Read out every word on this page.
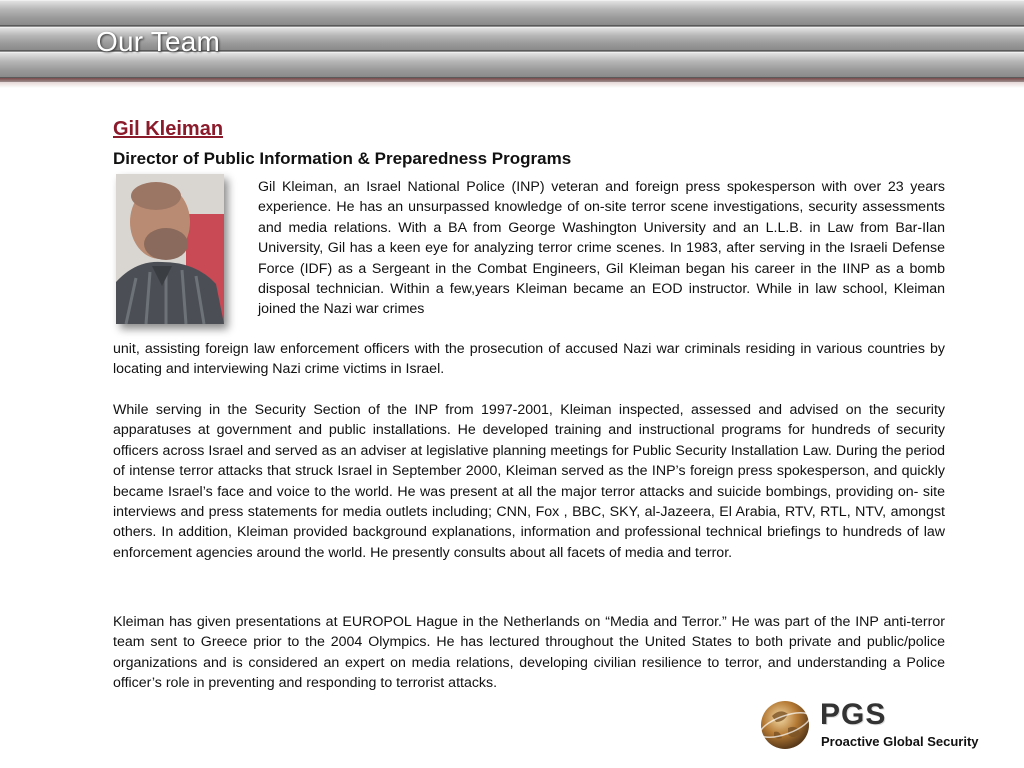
Our Team
Gil Kleiman
Director of Public Information & Preparedness Programs
Gil Kleiman, an Israel National Police (INP) veteran and foreign press spokesperson with over 23 years experience. He has an unsurpassed knowledge of on-site terror scene investigations, security assessments and media relations. With a BA from George Washington University and an L.L.B. in Law from Bar-Ilan University, Gil has a keen eye for analyzing terror crime scenes. In 1983, after serving in the Israeli Defense Force (IDF) as a Sergeant in the Combat Engineers, Gil Kleiman began his career in the IINP as a bomb disposal technician. Within a few,years Kleiman became an EOD instructor. While in law school, Kleiman joined the Nazi war crimes
unit, assisting foreign law enforcement officers with the prosecution of accused Nazi war criminals residing in various countries by locating and interviewing Nazi crime victims in Israel.
While serving in the Security Section of the INP from 1997-2001, Kleiman inspected, assessed and advised on the security apparatuses at government and public installations. He developed training and instructional programs for hundreds of security officers across Israel and served as an adviser at legislative planning meetings for Public Security Installation Law. During the period of intense terror attacks that struck Israel in September 2000, Kleiman served as the INP’s foreign press spokesperson, and quickly became Israel’s face and voice to the world. He was present at all the major terror attacks and suicide bombings, providing on- site interviews and press statements for media outlets including; CNN, Fox , BBC, SKY, al-Jazeera, El Arabia, RTV, RTL, NTV, amongst others. In addition, Kleiman provided background explanations, information and professional technical briefings to hundreds of law enforcement agencies around the world. He presently consults about all facets of media and terror.
Kleiman has given presentations at EUROPOL Hague in the Netherlands on “Media and Terror.” He was part of the INP anti-terror team sent to Greece prior to the 2004 Olympics. He has lectured throughout the United States to both private and public/police organizations and is considered an expert on media relations, developing civilian resilience to terror, and understanding a Police officer’s role in preventing and responding to terrorist attacks.
PGS
Proactive Global Security
